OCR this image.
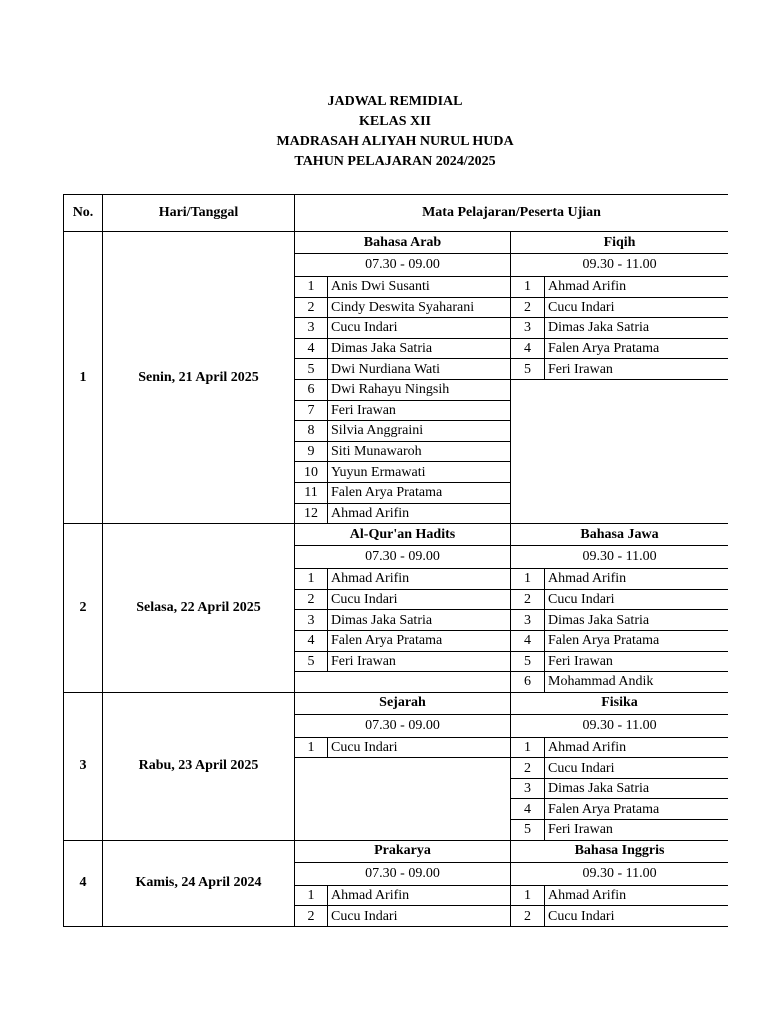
JADWAL REMIDIAL
KELAS XII
MADRASAH ALIYAH NURUL HUDA
TAHUN PELAJARAN 2024/2025
No.	Hari/Tanggal	Mata Pelajaran/Peserta Ujian			
1	Senin, 21 April 2025	Bahasa Arab		Fiqih	
		07.30 - 09.00		09.30 - 11.00	
		1	Anis Dwi Susanti	1	Ahmad Arifin
		2	Cindy Deswita Syaharani	2	Cucu Indari
		3	Cucu Indari	3	Dimas Jaka Satria
		4	Dimas Jaka Satria	4	Falen Arya Pratama
		5	Dwi Nurdiana Wati	5	Feri Irawan
		6	Dwi Rahayu Ningsih		
		7	Feri Irawan		
		8	Silvia Anggraini		
		9	Siti Munawaroh		
		10	Yuyun Ermawati		
		11	Falen Arya Pratama		
		12	Ahmad Arifin		
2	Selasa, 22 April 2025	Al-Qur'an Hadits		Bahasa Jawa	
		07.30 - 09.00		09.30 - 11.00	
		1	Ahmad Arifin	1	Ahmad Arifin
		2	Cucu Indari	2	Cucu Indari
		3	Dimas Jaka Satria	3	Dimas Jaka Satria
		4	Falen Arya Pratama	4	Falen Arya Pratama
		5	Feri Irawan	5	Feri Irawan
				6	Mohammad Andik
3	Rabu, 23 April 2025	Sejarah		Fisika	
		07.30 - 09.00		09.30 - 11.00	
		1	Cucu Indari	1	Ahmad Arifin
				2	Cucu Indari
				3	Dimas Jaka Satria
				4	Falen Arya Pratama
				5	Feri Irawan
4	Kamis, 24 April 2024	Prakarya		Bahasa Inggris	
		07.30 - 09.00		09.30 - 11.00	
		1	Ahmad Arifin	1	Ahmad Arifin
		2	Cucu Indari	2	Cucu Indari
